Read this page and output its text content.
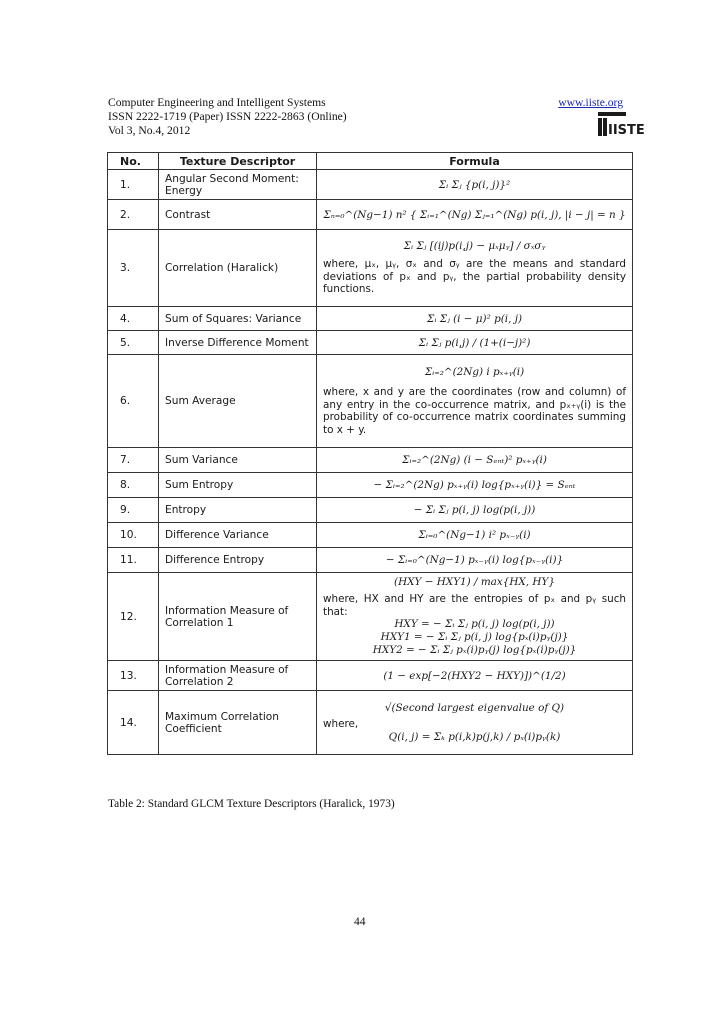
Computer Engineering and Intelligent Systems
ISSN 2222-1719 (Paper) ISSN 2222-2863 (Online)
Vol 3, No.4, 2012
www.iiste.org
IISTE
No.	Texture Descriptor	Formula
1.	Angular Second Moment: Energy	Σᵢ Σⱼ {p(i, j)}²
2.	Contrast	Σₙ₌₀^(Ng−1) n² { Σᵢ₌₁^(Ng) Σⱼ₌₁^(Ng) p(i, j), |i − j| = n }
3.	Correlation (Haralick)	Σᵢ Σⱼ [(ij)p(i,j) − μₓμᵧ] / σₓσᵧ
where, μₓ, μᵧ, σₓ and σᵧ are the means and standard deviations of pₓ and pᵧ, the partial probability density functions.

4.	Sum of Squares: Variance	Σᵢ Σⱼ (i − μ)² p(i, j)
5.	Inverse Difference Moment	Σᵢ Σⱼ p(i,j) / (1+(i−j)²)
6.	Sum Average	Σᵢ₌₂^(2Ng) i pₓ₊ᵧ(i)
where, x and y are the coordinates (row and column) of any entry in the co-occurrence matrix, and pₓ₊ᵧ(i) is the probability of co-occurrence matrix coordinates summing to x + y.

7.	Sum Variance	Σᵢ₌₂^(2Ng) (i − Sₑₙₜ)² pₓ₊ᵧ(i)
8.	Sum Entropy	− Σᵢ₌₂^(2Ng) pₓ₊ᵧ(i) log{pₓ₊ᵧ(i)} = Sₑₙₜ
9.	Entropy	− Σᵢ Σⱼ p(i, j) log(p(i, j))
10.	Difference Variance	Σᵢ₌₀^(Ng−1) i² pₓ₋ᵧ(i)
11.	Difference Entropy	− Σᵢ₌₀^(Ng−1) pₓ₋ᵧ(i) log{pₓ₋ᵧ(i)}
12.	Information Measure of Correlation 1	(HXY − HXY1) / max{HX, HY}
where, HX and HY are the entropies of pₓ and pᵧ such that:
HXY = − Σᵢ Σⱼ p(i, j) log(p(i, j))
HXY1 = − Σᵢ Σⱼ p(i, j) log{pₓ(i)pᵧ(j)}
HXY2 = − Σᵢ Σⱼ pₓ(i)pᵧ(j) log{pₓ(i)pᵧ(j)}

13.	Information Measure of Correlation 2	(1 − exp[−2(HXY2 − HXY)])^(1/2)
14.	Maximum Correlation Coefficient	√(Second largest eigenvalue of Q)
where,
Q(i, j) = Σₖ p(i,k)p(j,k) / pₓ(i)pᵧ(k)
Table 2: Standard GLCM Texture Descriptors (Haralick, 1973)
44
